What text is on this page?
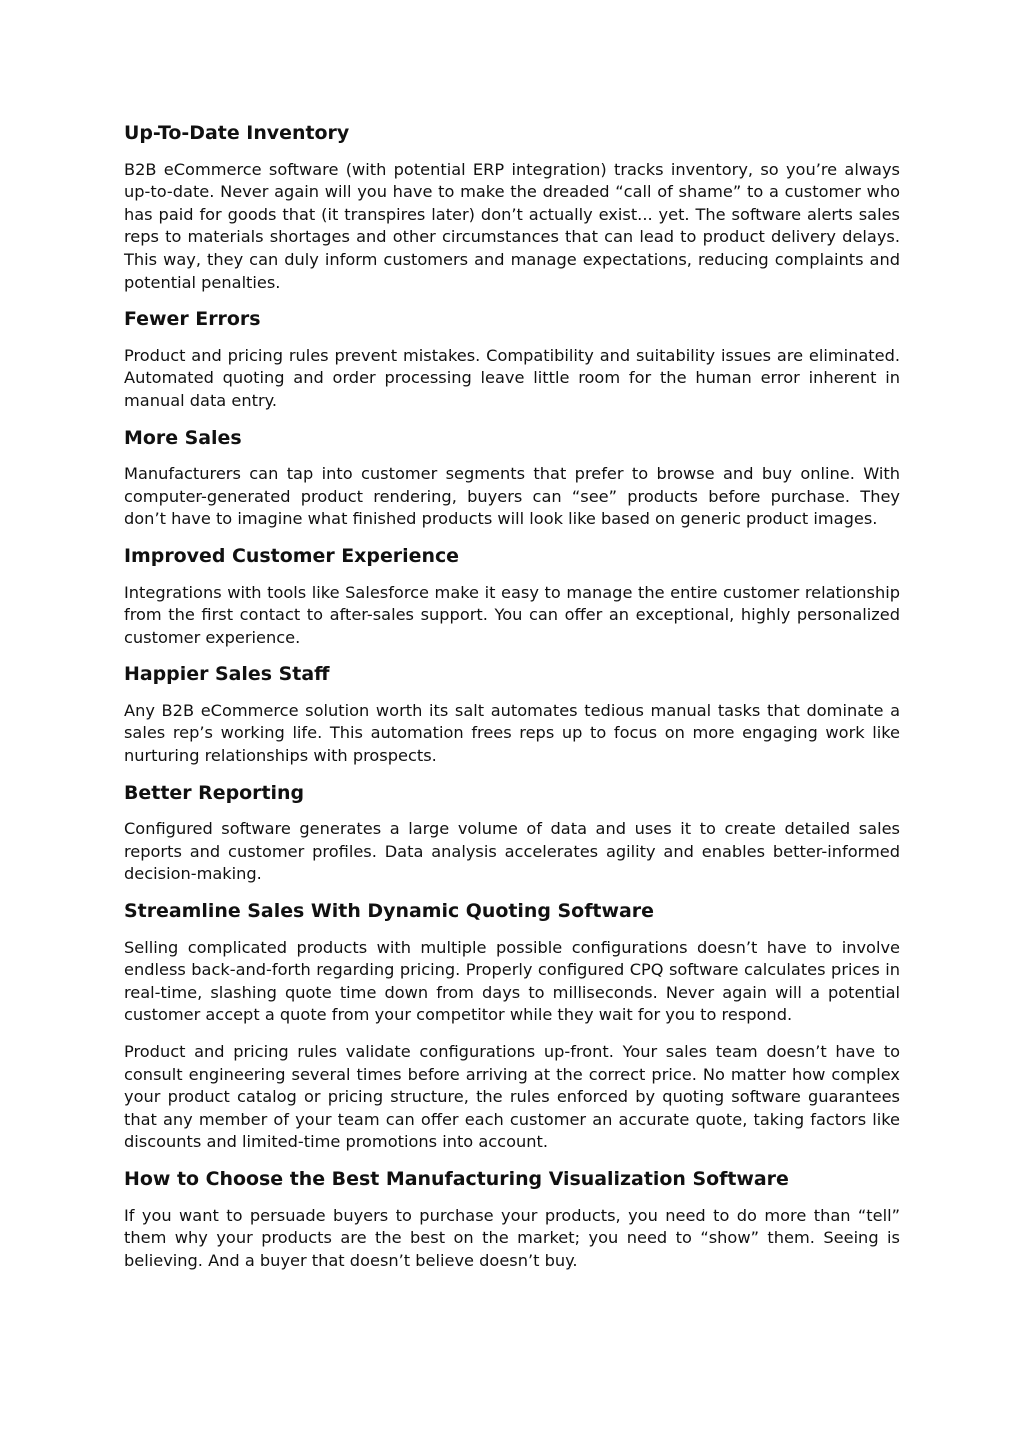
Up-To-Date Inventory

B2B eCommerce software (with potential ERP integration) tracks inventory, so you’re always up-to-date. Never again will you have to make the dreaded “call of shame” to a customer who has paid for goods that (it transpires later) don’t actually exist... yet. The software alerts sales reps to materials shortages and other circumstances that can lead to product delivery delays. This way, they can duly inform customers and manage expectations, reducing complaints and potential penalties.

Fewer Errors

Product and pricing rules prevent mistakes. Compatibility and suitability issues are eliminated. Automated quoting and order processing leave little room for the human error inherent in manual data entry.

More Sales

Manufacturers can tap into customer segments that prefer to browse and buy online. With computer-generated product rendering, buyers can “see” products before purchase. They don’t have to imagine what finished products will look like based on generic product images.

Improved Customer Experience

Integrations with tools like Salesforce make it easy to manage the entire customer relationship from the first contact to after-sales support. You can offer an exceptional, highly personalized customer experience.

Happier Sales Staff

Any B2B eCommerce solution worth its salt automates tedious manual tasks that dominate a sales rep’s working life. This automation frees reps up to focus on more engaging work like nurturing relationships with prospects.

Better Reporting

Configured software generates a large volume of data and uses it to create detailed sales reports and customer profiles. Data analysis accelerates agility and enables better-informed decision-making.

Streamline Sales With Dynamic Quoting Software

Selling complicated products with multiple possible configurations doesn’t have to involve endless back-and-forth regarding pricing. Properly configured CPQ software calculates prices in real-time, slashing quote time down from days to milliseconds. Never again will a potential customer accept a quote from your competitor while they wait for you to respond.

Product and pricing rules validate configurations up-front. Your sales team doesn’t have to consult engineering several times before arriving at the correct price. No matter how complex your product catalog or pricing structure, the rules enforced by quoting software guarantees that any member of your team can offer each customer an accurate quote, taking factors like discounts and limited-time promotions into account.

How to Choose the Best Manufacturing Visualization Software

If you want to persuade buyers to purchase your products, you need to do more than “tell” them why your products are the best on the market; you need to “show” them. Seeing is believing. And a buyer that doesn’t believe doesn’t buy.
